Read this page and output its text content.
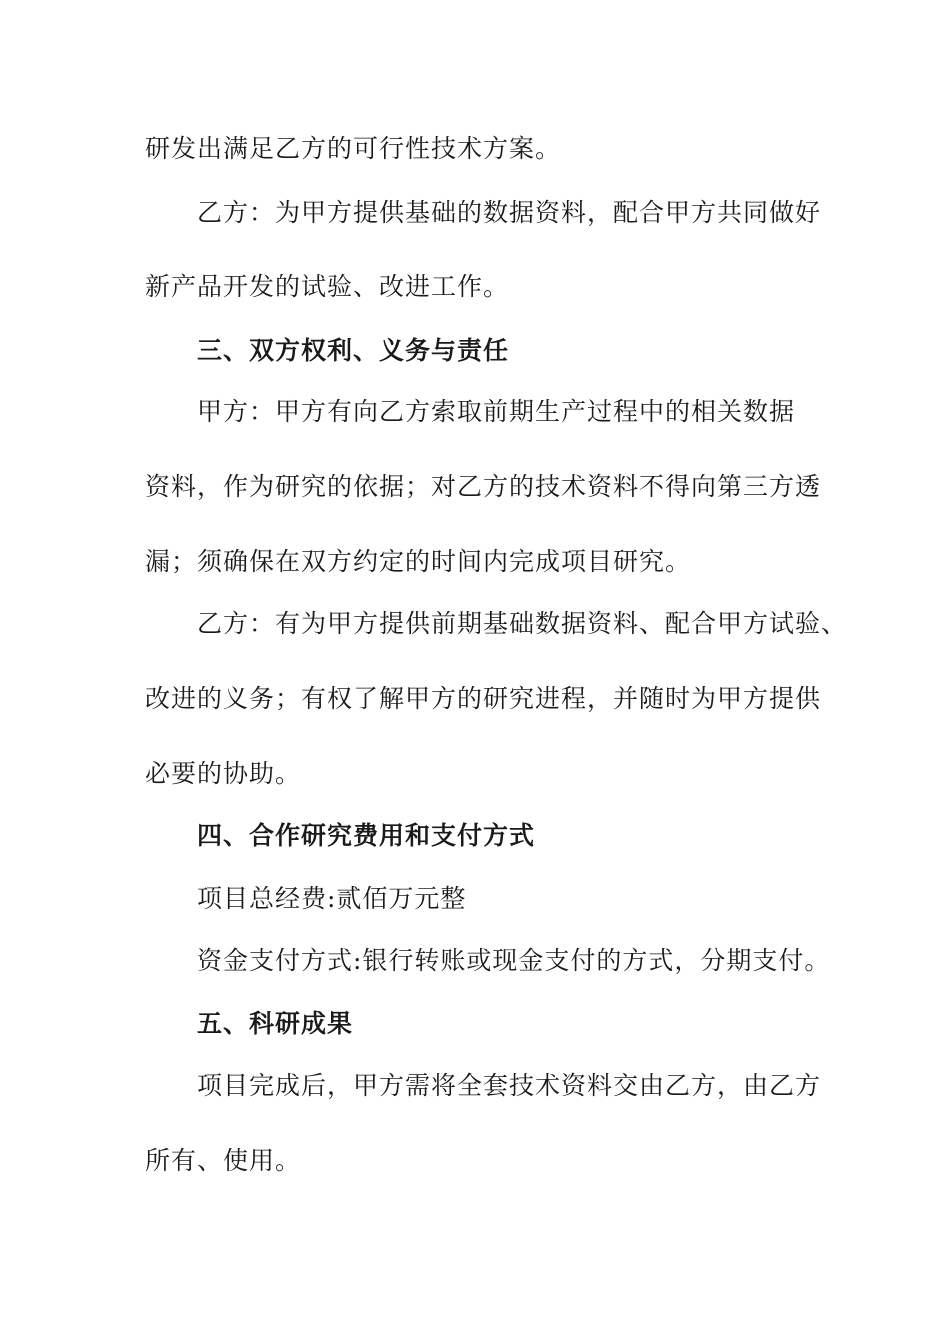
研发出满足乙方的可行性技术方案。
乙方：为甲方提供基础的数据资料，配合甲方共同做好
新产品开发的试验、改进工作。
三、双方权利、义务与责任
甲方：甲方有向乙方索取前期生产过程中的相关数据
资料，作为研究的依据；对乙方的技术资料不得向第三方透
漏；须确保在双方约定的时间内完成项目研究。
乙方：有为甲方提供前期基础数据资料、配合甲方试验、
改进的义务；有权了解甲方的研究进程，并随时为甲方提供
必要的协助。
四、合作研究费用和支付方式
项目总经费:贰佰万元整
资金支付方式:银行转账或现金支付的方式，分期支付。
五、科研成果
项目完成后，甲方需将全套技术资料交由乙方，由乙方
所有、使用。
